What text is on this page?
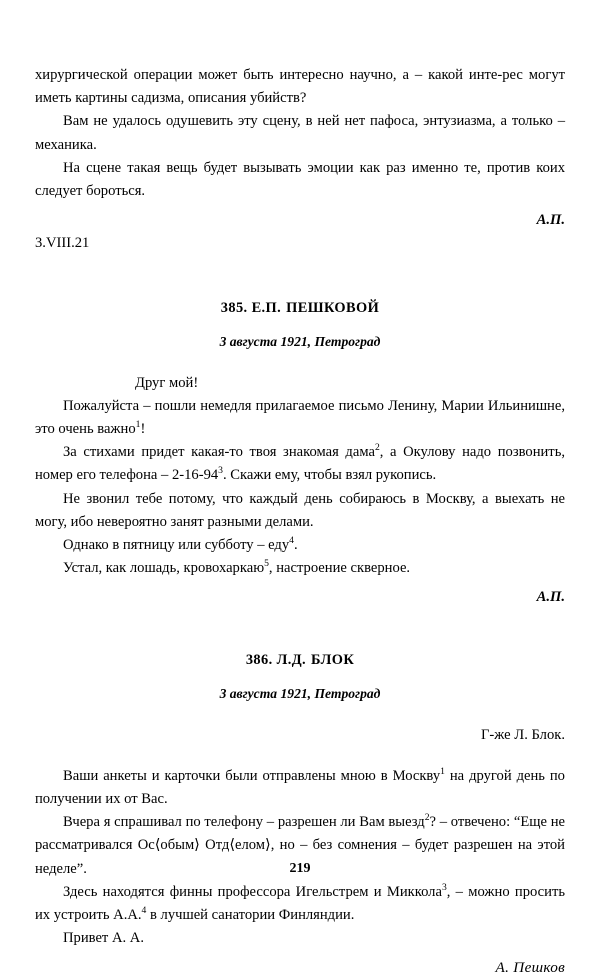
хирургической операции может быть интересно научно, а – какой инте-рес могут иметь картины садизма, описания убийств?

Вам не удалось одушевить эту сцену, в ней нет пафоса, энтузиазма, а только – механика.

На сцене такая вещь будет вызывать эмоции как раз именно те, против коих следует бороться.

А.П.

3.VIII.21

385. Е.П. ПЕШКОВОЙ

3 августа 1921, Петроград

Друг мой!

Пожалуйста – пошли немедля прилагаемое письмо Ленину, Марии Ильинишне, это очень важно$^1$!

За стихами придет какая-то твоя знакомая дама$^2$, а Окулову надо позвонить, номер его телефона – $2-16-94^3$. Скажи ему, чтобы взял рукопись.

Не звонил тебе потому, что каждый день собираюсь в Москву, а выехать не могу, ибо невероятно занят разными делами.

Однако в пятницу или субботу – еду$^4$.

Устал, как лошадь, кровохаркаю$^5$, настроение скверное.

А.П.

386. Л.Д. БЛОК

3 августа 1921, Петроград

Г-же Л. Блок.

Ваши анкеты и карточки были отправлены мною в Москву$^1$ на другой день по получении их от Вас.

Вчера я спрашивал по телефону – разрешен ли Вам выезд$^2$? – отвечено: “Еще не рассматривался Ос⟨обым⟩ Отд⟨елом⟩, но – без сомнения – будет разрешен на этой неделе”.

Здесь находятся финны профессора Игельстрем и Миккола$^3$, – можно просить их устроить А.А.$^4$ в лучшей санатории Финляндии.

Привет А. А.

А. Пешков

219
